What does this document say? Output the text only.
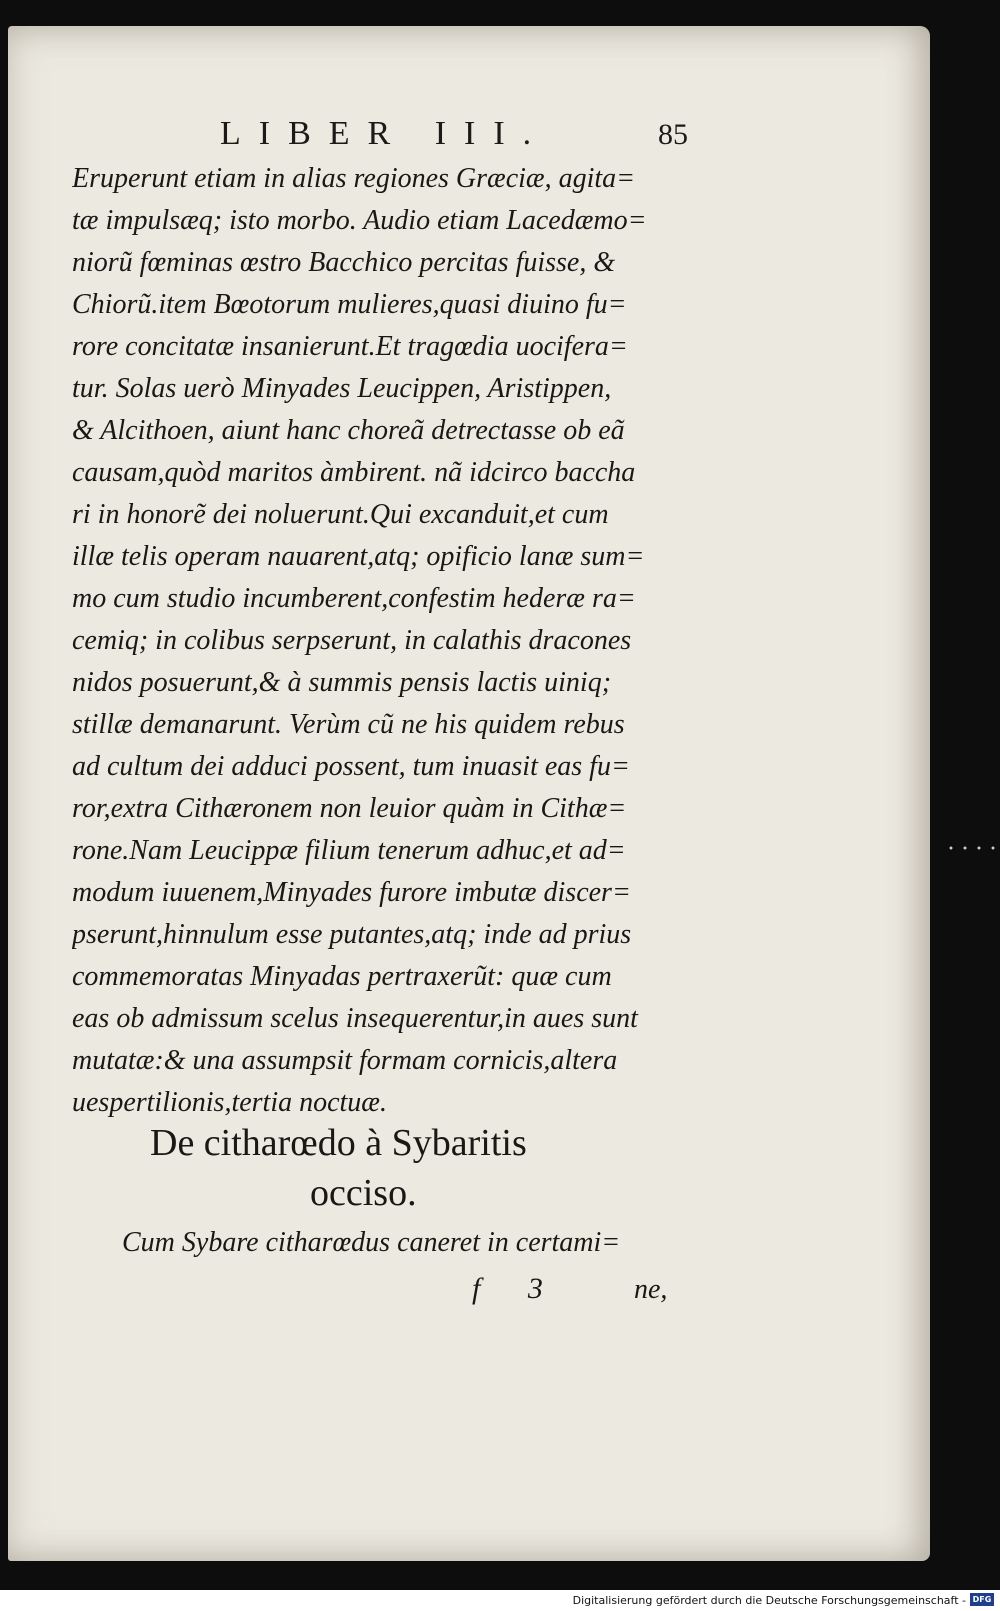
LIBER III.	85
Eruperunt etiam in alias regiones Græciæ, agita=
tæ impulsæq; isto morbo. Audio etiam Lacedæmo=
niorũ fœminas œstro Bacchico percitas fuisse, &
Chiorũ.item Bœotorum mulieres,quasi diuino fu=
rore concitatæ insanierunt.Et tragœdia uocifera=
tur. Solas uerò Minyades Leucippen, Aristippen,
& Alcithoen, aiunt hanc choreã detrectasse ob eã
causam,quòd maritos àmbirent. nã idcirco baccha
ri in honorẽ dei noluerunt.Qui excanduit,et cum
illæ telis operam nauarent,atq; opificio lanæ sum=
mo cum studio incumberent,confestim hederæ ra=
cemiq; in colibus serpserunt, in calathis dracones
nidos posuerunt,& à summis pensis lactis uiniq;
stillæ demanarunt. Verùm cũ ne his quidem rebus
ad cultum dei adduci possent, tum inuasit eas fu=
ror,extra Cithæronem non leuior quàm in Cithæ=
rone.Nam Leucippæ filium tenerum adhuc,et ad=
modum iuuenem,Minyades furore imbutæ discer=
pserunt,hinnulum esse putantes,atq; inde ad prius
commemoratas Minyadas pertraxerũt: quæ cum
eas ob admissum scelus insequerentur,in aues sunt
mutatæ:& una assumpsit formam cornicis,altera
uespertilionis,tertia noctuæ.
De citharœdo à Sybaritis
occiso.
Cum Sybare citharœdus caneret in certami=
f 3	ne,
Digitalisierung gefördert durch die Deutsche Forschungsgemeinschaft - DFG
